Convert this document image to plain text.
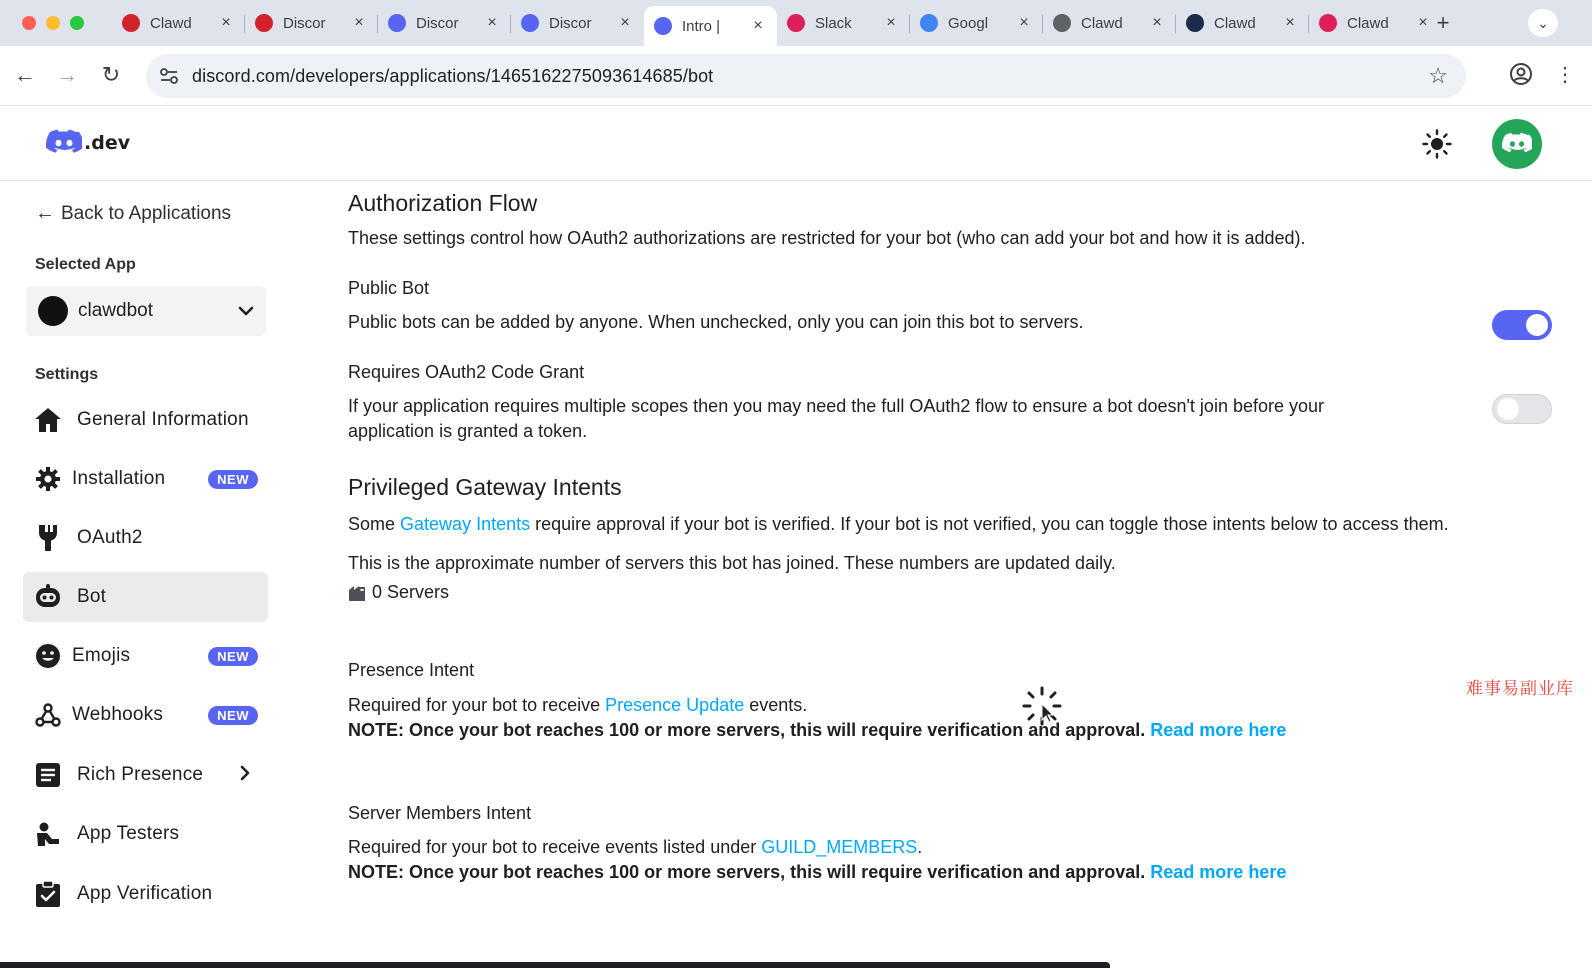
Clawd	×	Discor	×	Discor	×	Discor	×	Intro |	×	Slack	×	Googl	×	Clawd	×	Clawd	×	Clawd	× +	⌄
← → ↻	discord.com/developers/applications/1465162275093614685/bot	☆	⋮
.dev
← Back to Applications
Selected App
clawdbot
Settings
General Information
Installation	NEW
OAuth2
Bot
Emojis	NEW
Webhooks	NEW
Rich Presence
App Testers
App Verification
Authorization Flow
These settings control how OAuth2 authorizations are restricted for your bot (who can add your bot and how it is added).
Public Bot
Public bots can be added by anyone. When unchecked, only you can join this bot to servers.
Requires OAuth2 Code Grant
If your application requires multiple scopes then you may need the full OAuth2 flow to ensure a bot doesn't join before your
application is granted a token.
Privileged Gateway Intents
Some Gateway Intents require approval if your bot is verified. If your bot is not verified, you can toggle those intents below to access them.
This is the approximate number of servers this bot has joined. These numbers are updated daily.
0 Servers
Presence Intent
Required for your bot to receive Presence Update events.
NOTE: Once your bot reaches 100 or more servers, this will require verification and approval. Read more here
Server Members Intent
Required for your bot to receive events listed under GUILD_MEMBERS.
NOTE: Once your bot reaches 100 or more servers, this will require verification and approval. Read more here
难事易副业库
